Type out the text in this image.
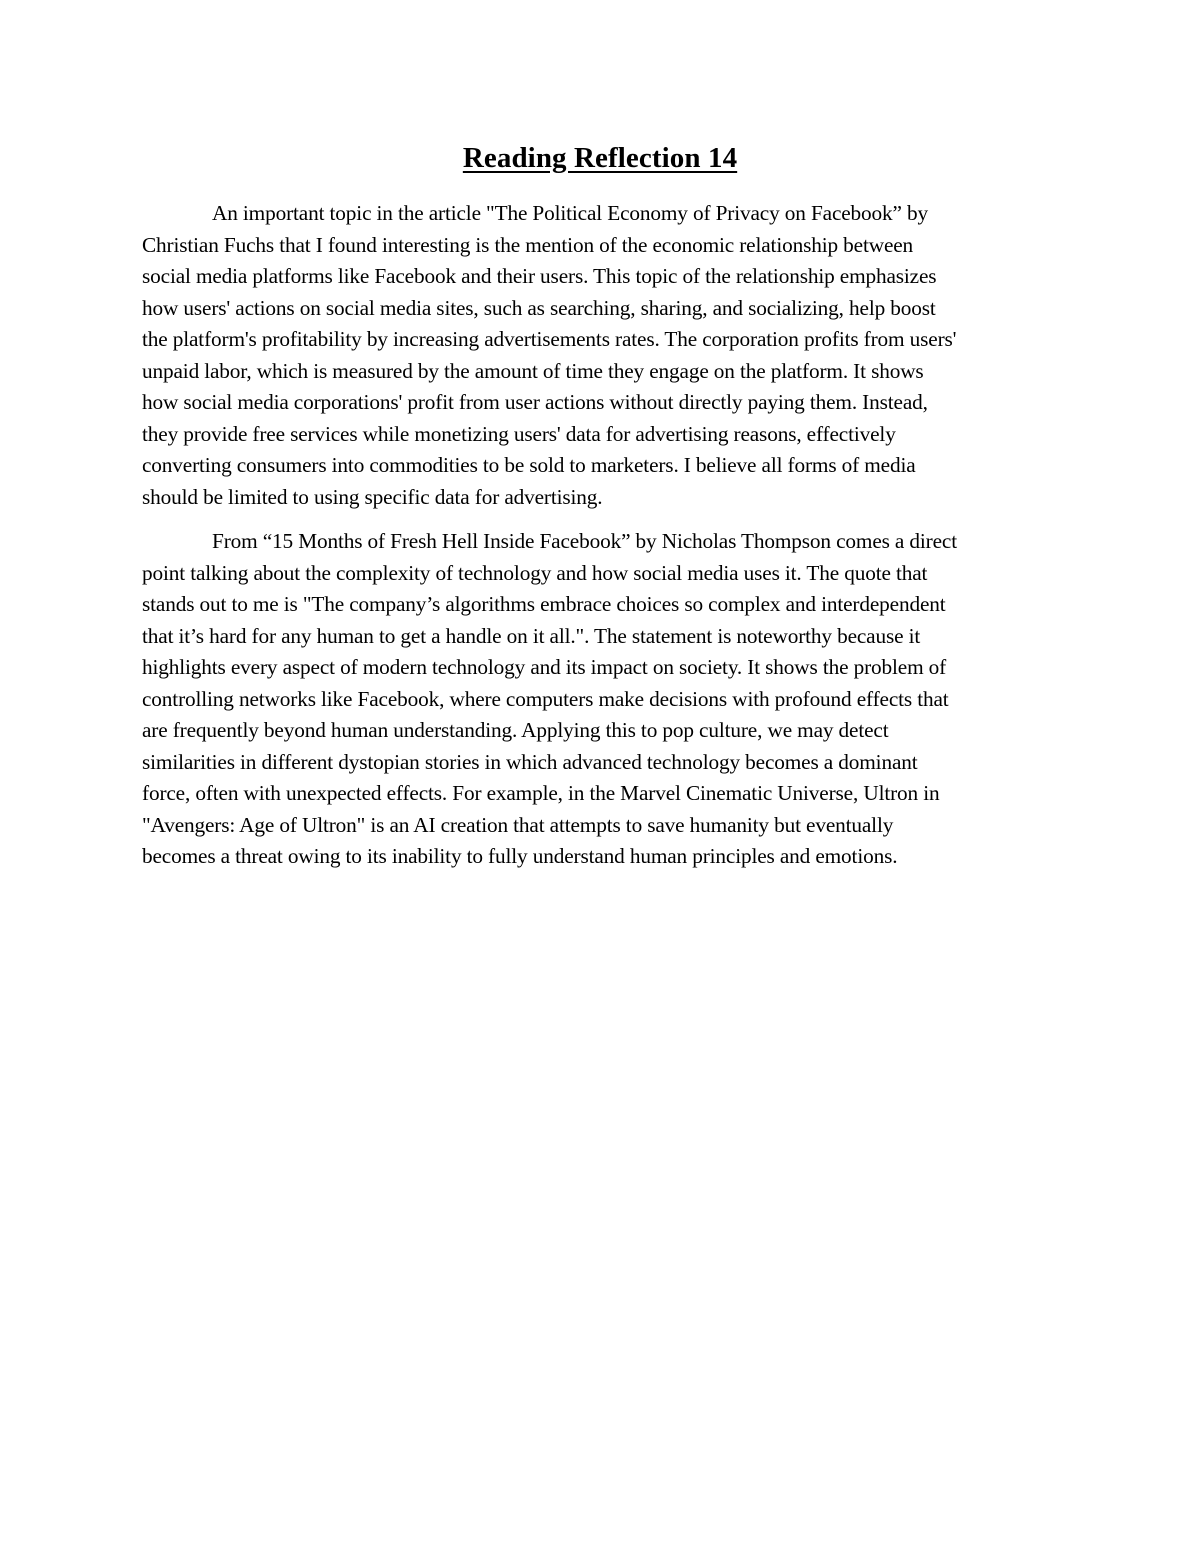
Reading Reflection 14

An important topic in the article "The Political Economy of Privacy on Facebook” by
Christian Fuchs that I found interesting is the mention of the economic relationship between
social media platforms like Facebook and their users. This topic of the relationship emphasizes
how users' actions on social media sites, such as searching, sharing, and socializing, help boost
the platform's profitability by increasing advertisements rates. The corporation profits from users'
unpaid labor, which is measured by the amount of time they engage on the platform. It shows
how social media corporations' profit from user actions without directly paying them. Instead,
they provide free services while monetizing users' data for advertising reasons, effectively
converting consumers into commodities to be sold to marketers. I believe all forms of media
should be limited to using specific data for advertising.

From “15 Months of Fresh Hell Inside Facebook” by Nicholas Thompson comes a direct
point talking about the complexity of technology and how social media uses it. The quote that
stands out to me is "The company’s algorithms embrace choices so complex and interdependent
that it’s hard for any human to get a handle on it all.". The statement is noteworthy because it
highlights every aspect of modern technology and its impact on society. It shows the problem of
controlling networks like Facebook, where computers make decisions with profound effects that
are frequently beyond human understanding. Applying this to pop culture, we may detect
similarities in different dystopian stories in which advanced technology becomes a dominant
force, often with unexpected effects. For example, in the Marvel Cinematic Universe, Ultron in
"Avengers: Age of Ultron" is an AI creation that attempts to save humanity but eventually
becomes a threat owing to its inability to fully understand human principles and emotions.
